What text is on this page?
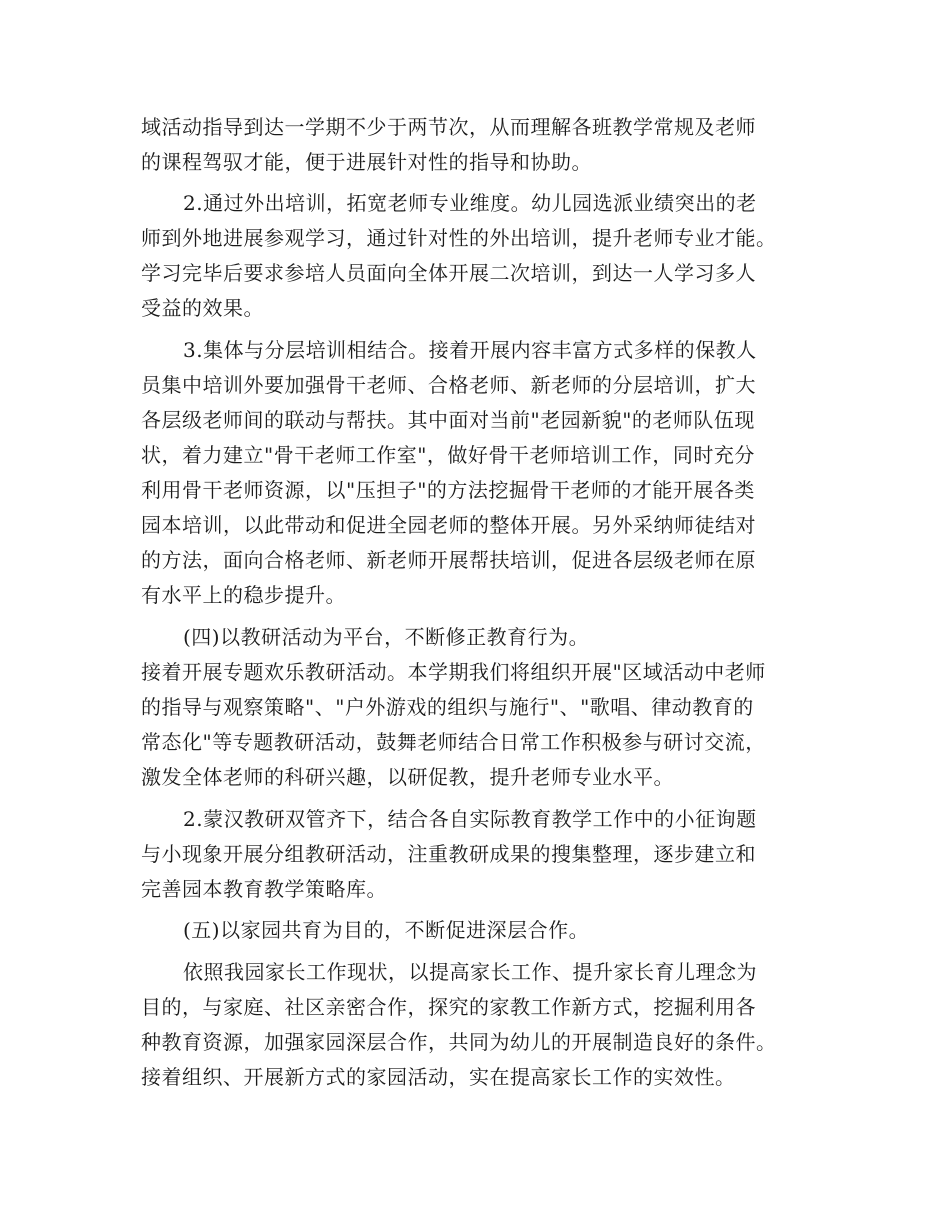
域活动指导到达一学期不少于两节次，从而理解各班教学常规及老师
的课程驾驭才能，便于进展针对性的指导和协助。
2.通过外出培训，拓宽老师专业维度。幼儿园选派业绩突出的老
师到外地进展参观学习，通过针对性的外出培训，提升老师专业才能。
学习完毕后要求参培人员面向全体开展二次培训，到达一人学习多人
受益的效果。
3.集体与分层培训相结合。接着开展内容丰富方式多样的保教人
员集中培训外要加强骨干老师、合格老师、新老师的分层培训，扩大
各层级老师间的联动与帮扶。其中面对当前"老园新貌"的老师队伍现
状，着力建立"骨干老师工作室"，做好骨干老师培训工作，同时充分
利用骨干老师资源，以"压担子"的方法挖掘骨干老师的才能开展各类
园本培训，以此带动和促进全园老师的整体开展。另外采纳师徒结对
的方法，面向合格老师、新老师开展帮扶培训，促进各层级老师在原
有水平上的稳步提升。
(四)以教研活动为平台，不断修正教育行为。
接着开展专题欢乐教研活动。本学期我们将组织开展"区域活动中老师
的指导与观察策略"、"户外游戏的组织与施行"、"歌唱、律动教育的
常态化"等专题教研活动，鼓舞老师结合日常工作积极参与研讨交流，
激发全体老师的科研兴趣，以研促教，提升老师专业水平。
2.蒙汉教研双管齐下，结合各自实际教育教学工作中的小征询题
与小现象开展分组教研活动，注重教研成果的搜集整理，逐步建立和
完善园本教育教学策略库。
(五)以家园共育为目的，不断促进深层合作。
依照我园家长工作现状，以提高家长工作、提升家长育儿理念为
目的，与家庭、社区亲密合作，探究的家教工作新方式，挖掘利用各
种教育资源，加强家园深层合作，共同为幼儿的开展制造良好的条件。
接着组织、开展新方式的家园活动，实在提高家长工作的实效性。
